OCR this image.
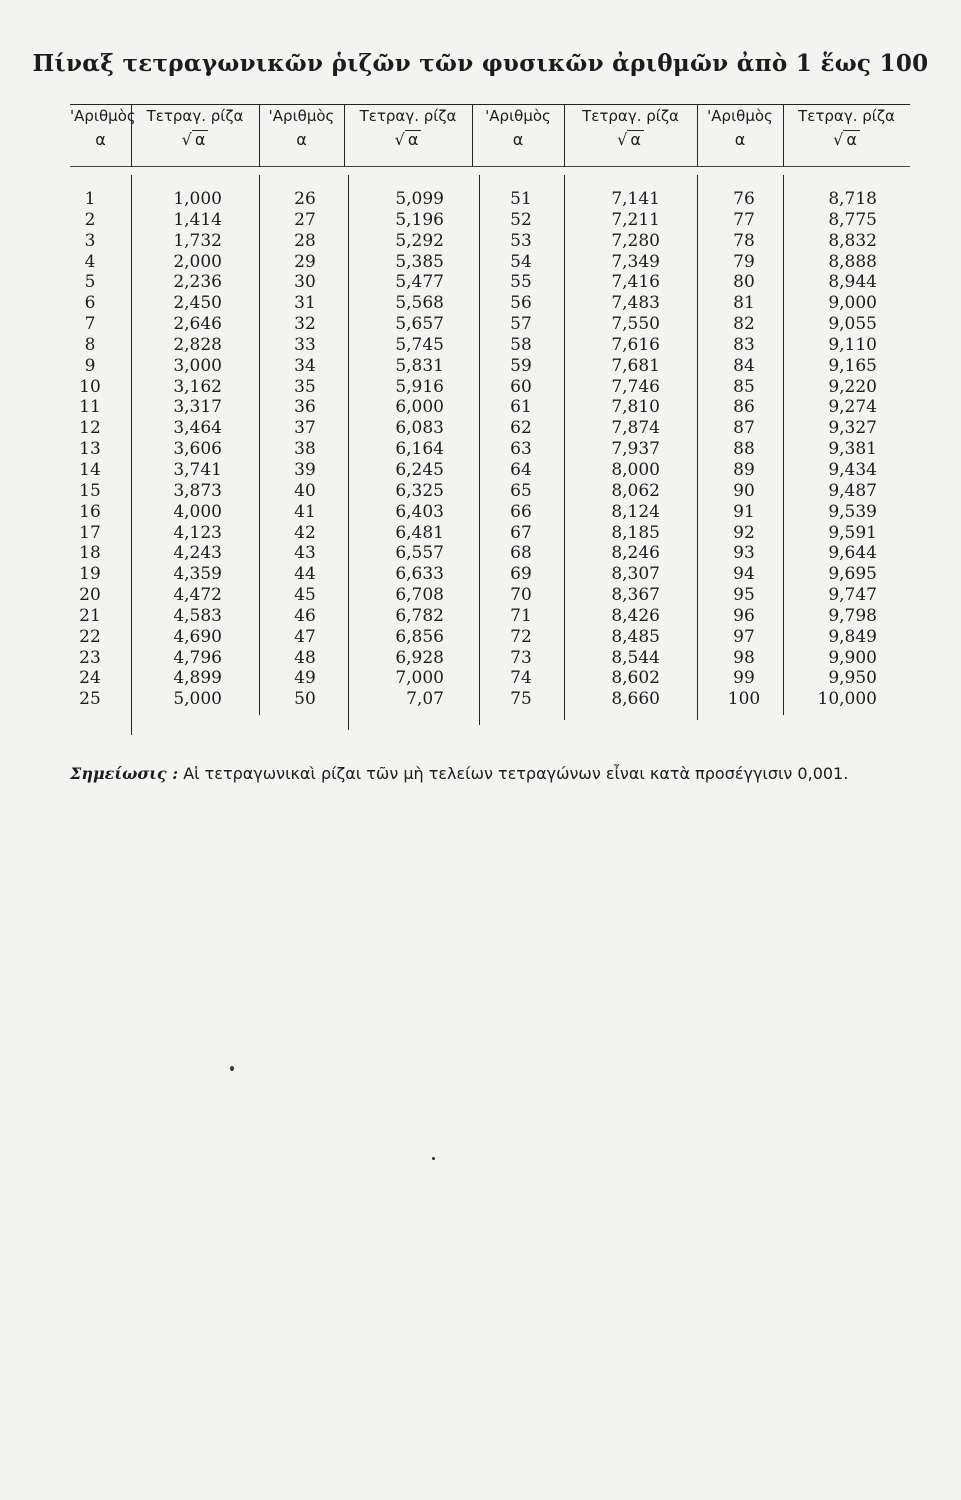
Πίναξ τετραγωνικῶν ῥιζῶν τῶν φυσικῶν ἀριθμῶν ἀπὸ 1 ἕως 100
'Αριθμὸς
α
Τετραγ. ρίζα
√ α
'Αριθμὸς
α
Τετραγ. ρίζα
√ α
'Αριθμὸς
α
Τετραγ. ρίζα
√ α
'Αριθμὸς
α
Τετραγ. ρίζα
√ α
1
2
3
4
5
6
7
8
9
10
11
12
13
14
15
16
17
18
19
20
21
22
23
24
25
1,000
1,414
1,732
2,000
2,236
2,450
2,646
2,828
3,000
3,162
3,317
3,464
3,606
3,741
3,873
4,000
4,123
4,243
4,359
4,472
4,583
4,690
4,796
4,899
5,000
26
27
28
29
30
31
32
33
34
35
36
37
38
39
40
41
42
43
44
45
46
47
48
49
50
5,099
5,196
5,292
5,385
5,477
5,568
5,657
5,745
5,831
5,916
6,000
6,083
6,164
6,245
6,325
6,403
6,481
6,557
6,633
6,708
6,782
6,856
6,928
7,000
7,07
51
52
53
54
55
56
57
58
59
60
61
62
63
64
65
66
67
68
69
70
71
72
73
74
75
7,141
7,211
7,280
7,349
7,416
7,483
7,550
7,616
7,681
7,746
7,810
7,874
7,937
8,000
8,062
8,124
8,185
8,246
8,307
8,367
8,426
8,485
8,544
8,602
8,660
76
77
78
79
80
81
82
83
84
85
86
87
88
89
90
91
92
93
94
95
96
97
98
99
100
8,718
8,775
8,832
8,888
8,944
9,000
9,055
9,110
9,165
9,220
9,274
9,327
9,381
9,434
9,487
9,539
9,591
9,644
9,695
9,747
9,798
9,849
9,900
9,950
10,000
Σημείωσις : Αἱ τετραγωνικαὶ ρίζαι τῶν μὴ τελείων τετραγώνων εἶναι κατὰ προσέγγισιν 0,001.
